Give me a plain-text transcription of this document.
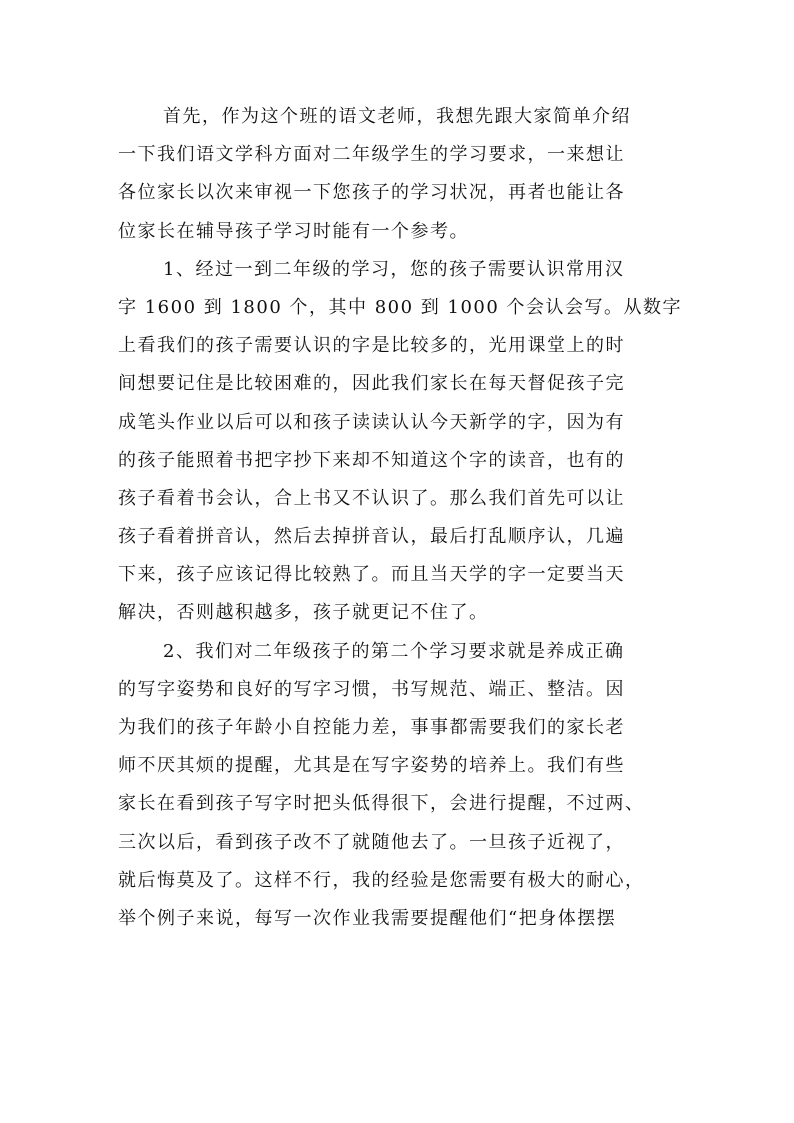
首先，作为这个班的语文老师，我想先跟大家简单介绍
一下我们语文学科方面对二年级学生的学习要求，一来想让
各位家长以次来审视一下您孩子的学习状况，再者也能让各
位家长在辅导孩子学习时能有一个参考。
1、经过一到二年级的学习，您的孩子需要认识常用汉
字 1600 到 1800 个，其中 800 到 1000 个会认会写。从数字
上看我们的孩子需要认识的字是比较多的，光用课堂上的时
间想要记住是比较困难的，因此我们家长在每天督促孩子完
成笔头作业以后可以和孩子读读认认今天新学的字，因为有
的孩子能照着书把字抄下来却不知道这个字的读音，也有的
孩子看着书会认，合上书又不认识了。那么我们首先可以让
孩子看着拼音认，然后去掉拼音认，最后打乱顺序认，几遍
下来，孩子应该记得比较熟了。而且当天学的字一定要当天
解决，否则越积越多，孩子就更记不住了。
2、我们对二年级孩子的第二个学习要求就是养成正确
的写字姿势和良好的写字习惯，书写规范、端正、整洁。因
为我们的孩子年龄小自控能力差，事事都需要我们的家长老
师不厌其烦的提醒，尤其是在写字姿势的培养上。我们有些
家长在看到孩子写字时把头低得很下，会进行提醒，不过两、
三次以后，看到孩子改不了就随他去了。一旦孩子近视了，
就后悔莫及了。这样不行，我的经验是您需要有极大的耐心，
举个例子来说，每写一次作业我需要提醒他们“把身体摆摆
